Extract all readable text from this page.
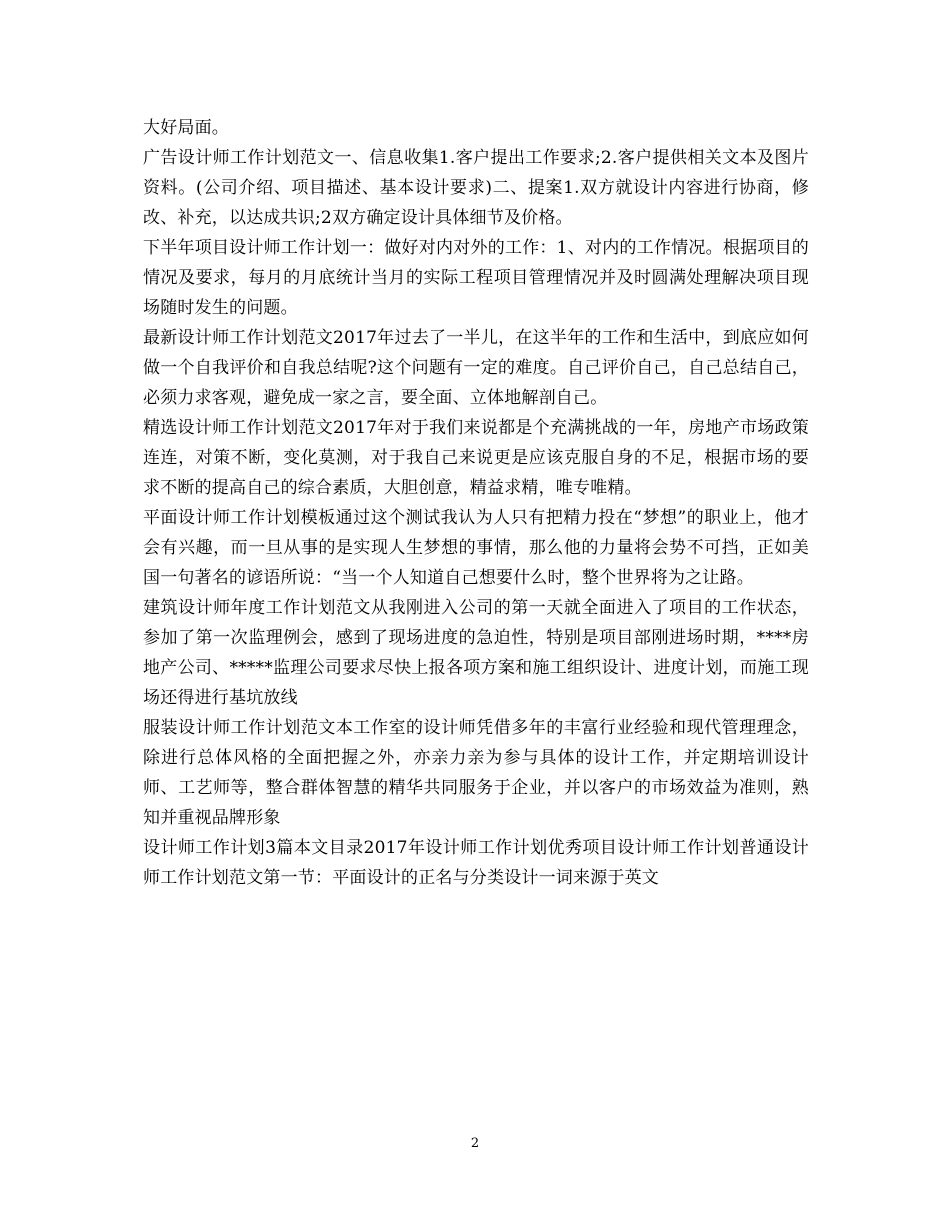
大好局面。

广告设计师工作计划范文一、信息收集1.客户提出工作要求;2.客户提供相关文本及图片资料。(公司介绍、项目描述、基本设计要求)二、提案1.双方就设计内容进行协商，修改、补充，以达成共识;2双方确定设计具体细节及价格。

下半年项目设计师工作计划一：做好对内对外的工作：1、对内的工作情况。根据项目的情况及要求，每月的月底统计当月的实际工程项目管理情况并及时圆满处理解决项目现场随时发生的问题。

最新设计师工作计划范文2017年过去了一半儿，在这半年的工作和生活中，到底应如何做一个自我评价和自我总结呢?这个问题有一定的难度。自己评价自己，自己总结自己，必须力求客观，避免成一家之言，要全面、立体地解剖自己。

精选设计师工作计划范文2017年对于我们来说都是个充满挑战的一年，房地产市场政策连连，对策不断，变化莫测，对于我自己来说更是应该克服自身的不足，根据市场的要求不断的提高自己的综合素质，大胆创意，精益求精，唯专唯精。

平面设计师工作计划模板通过这个测试我认为人只有把精力投在“梦想”的职业上，他才会有兴趣，而一旦从事的是实现人生梦想的事情，那么他的力量将会势不可挡，正如美国一句著名的谚语所说：“当一个人知道自己想要什么时，整个世界将为之让路。

建筑设计师年度工作计划范文从我刚进入公司的第一天就全面进入了项目的工作状态，参加了第一次监理例会，感到了现场进度的急迫性，特别是项目部刚进场时期，****房地产公司、*****监理公司要求尽快上报各项方案和施工组织设计、进度计划，而施工现场还得进行基坑放线

服装设计师工作计划范文本工作室的设计师凭借多年的丰富行业经验和现代管理理念，除进行总体风格的全面把握之外，亦亲力亲为参与具体的设计工作，并定期培训设计师、工艺师等，整合群体智慧的精华共同服务于企业，并以客户的市场效益为准则，熟知并重视品牌形象

设计师工作计划3篇本文目录2017年设计师工作计划优秀项目设计师工作计划普通设计师工作计划范文第一节：平面设计的正名与分类设计一词来源于英文

2
